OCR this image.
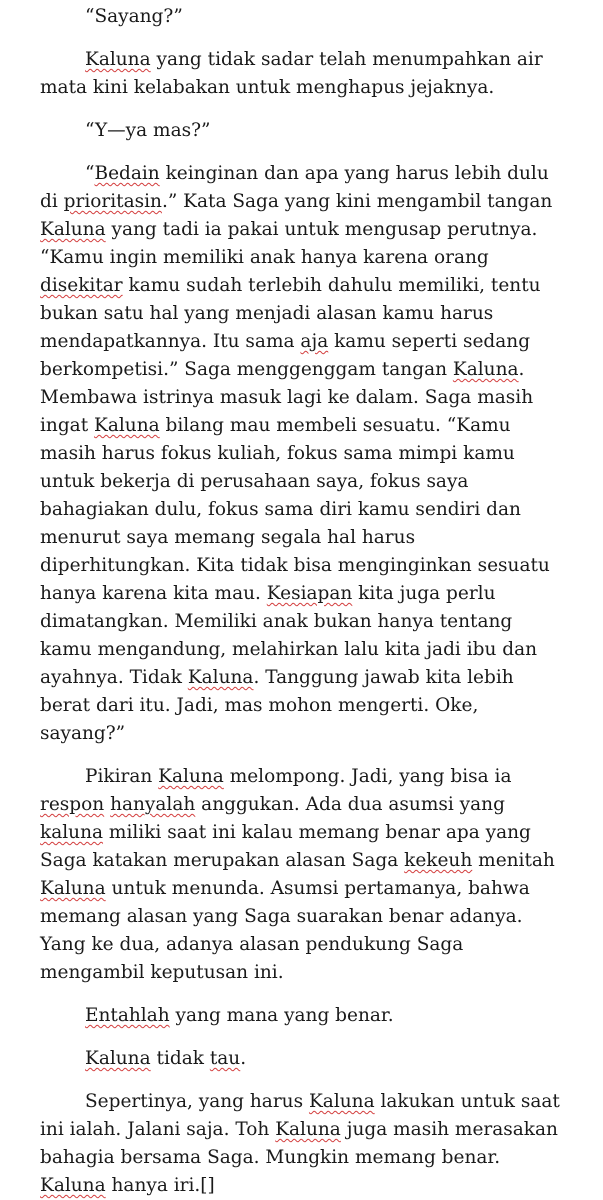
“Sayang?”

Kaluna yang tidak sadar telah menumpahkan air mata kini kelabakan untuk menghapus jejaknya.

“Y—ya mas?”

“Bedain keinginan dan apa yang harus lebih dulu di prioritasin.” Kata Saga yang kini mengambil tangan Kaluna yang tadi ia pakai untuk mengusap perutnya. “Kamu ingin memiliki anak hanya karena orang disekitar kamu sudah terlebih dahulu memiliki, tentu bukan satu hal yang menjadi alasan kamu harus mendapatkannya. Itu sama aja kamu seperti sedang berkompetisi.” Saga menggenggam tangan Kaluna. Membawa istrinya masuk lagi ke dalam. Saga masih ingat Kaluna bilang mau membeli sesuatu. “Kamu masih harus fokus kuliah, fokus sama mimpi kamu untuk bekerja di perusahaan saya, fokus saya bahagiakan dulu, fokus sama diri kamu sendiri dan menurut saya memang segala hal harus diperhitungkan. Kita tidak bisa menginginkan sesuatu hanya karena kita mau. Kesiapan kita juga perlu dimatangkan. Memiliki anak bukan hanya tentang kamu mengandung, melahirkan lalu kita jadi ibu dan ayahnya. Tidak Kaluna. Tanggung jawab kita lebih berat dari itu. Jadi, mas mohon mengerti. Oke, sayang?”

Pikiran Kaluna melompong. Jadi, yang bisa ia respon hanyalah anggukan. Ada dua asumsi yang kaluna miliki saat ini kalau memang benar apa yang Saga katakan merupakan alasan Saga kekeuh menitah Kaluna untuk menunda. Asumsi pertamanya, bahwa memang alasan yang Saga suarakan benar adanya. Yang ke dua, adanya alasan pendukung Saga mengambil keputusan ini.

Entahlah yang mana yang benar.

Kaluna tidak tau.

Sepertinya, yang harus Kaluna lakukan untuk saat ini ialah. Jalani saja. Toh Kaluna juga masih merasakan bahagia bersama Saga. Mungkin memang benar. Kaluna hanya iri.[]
